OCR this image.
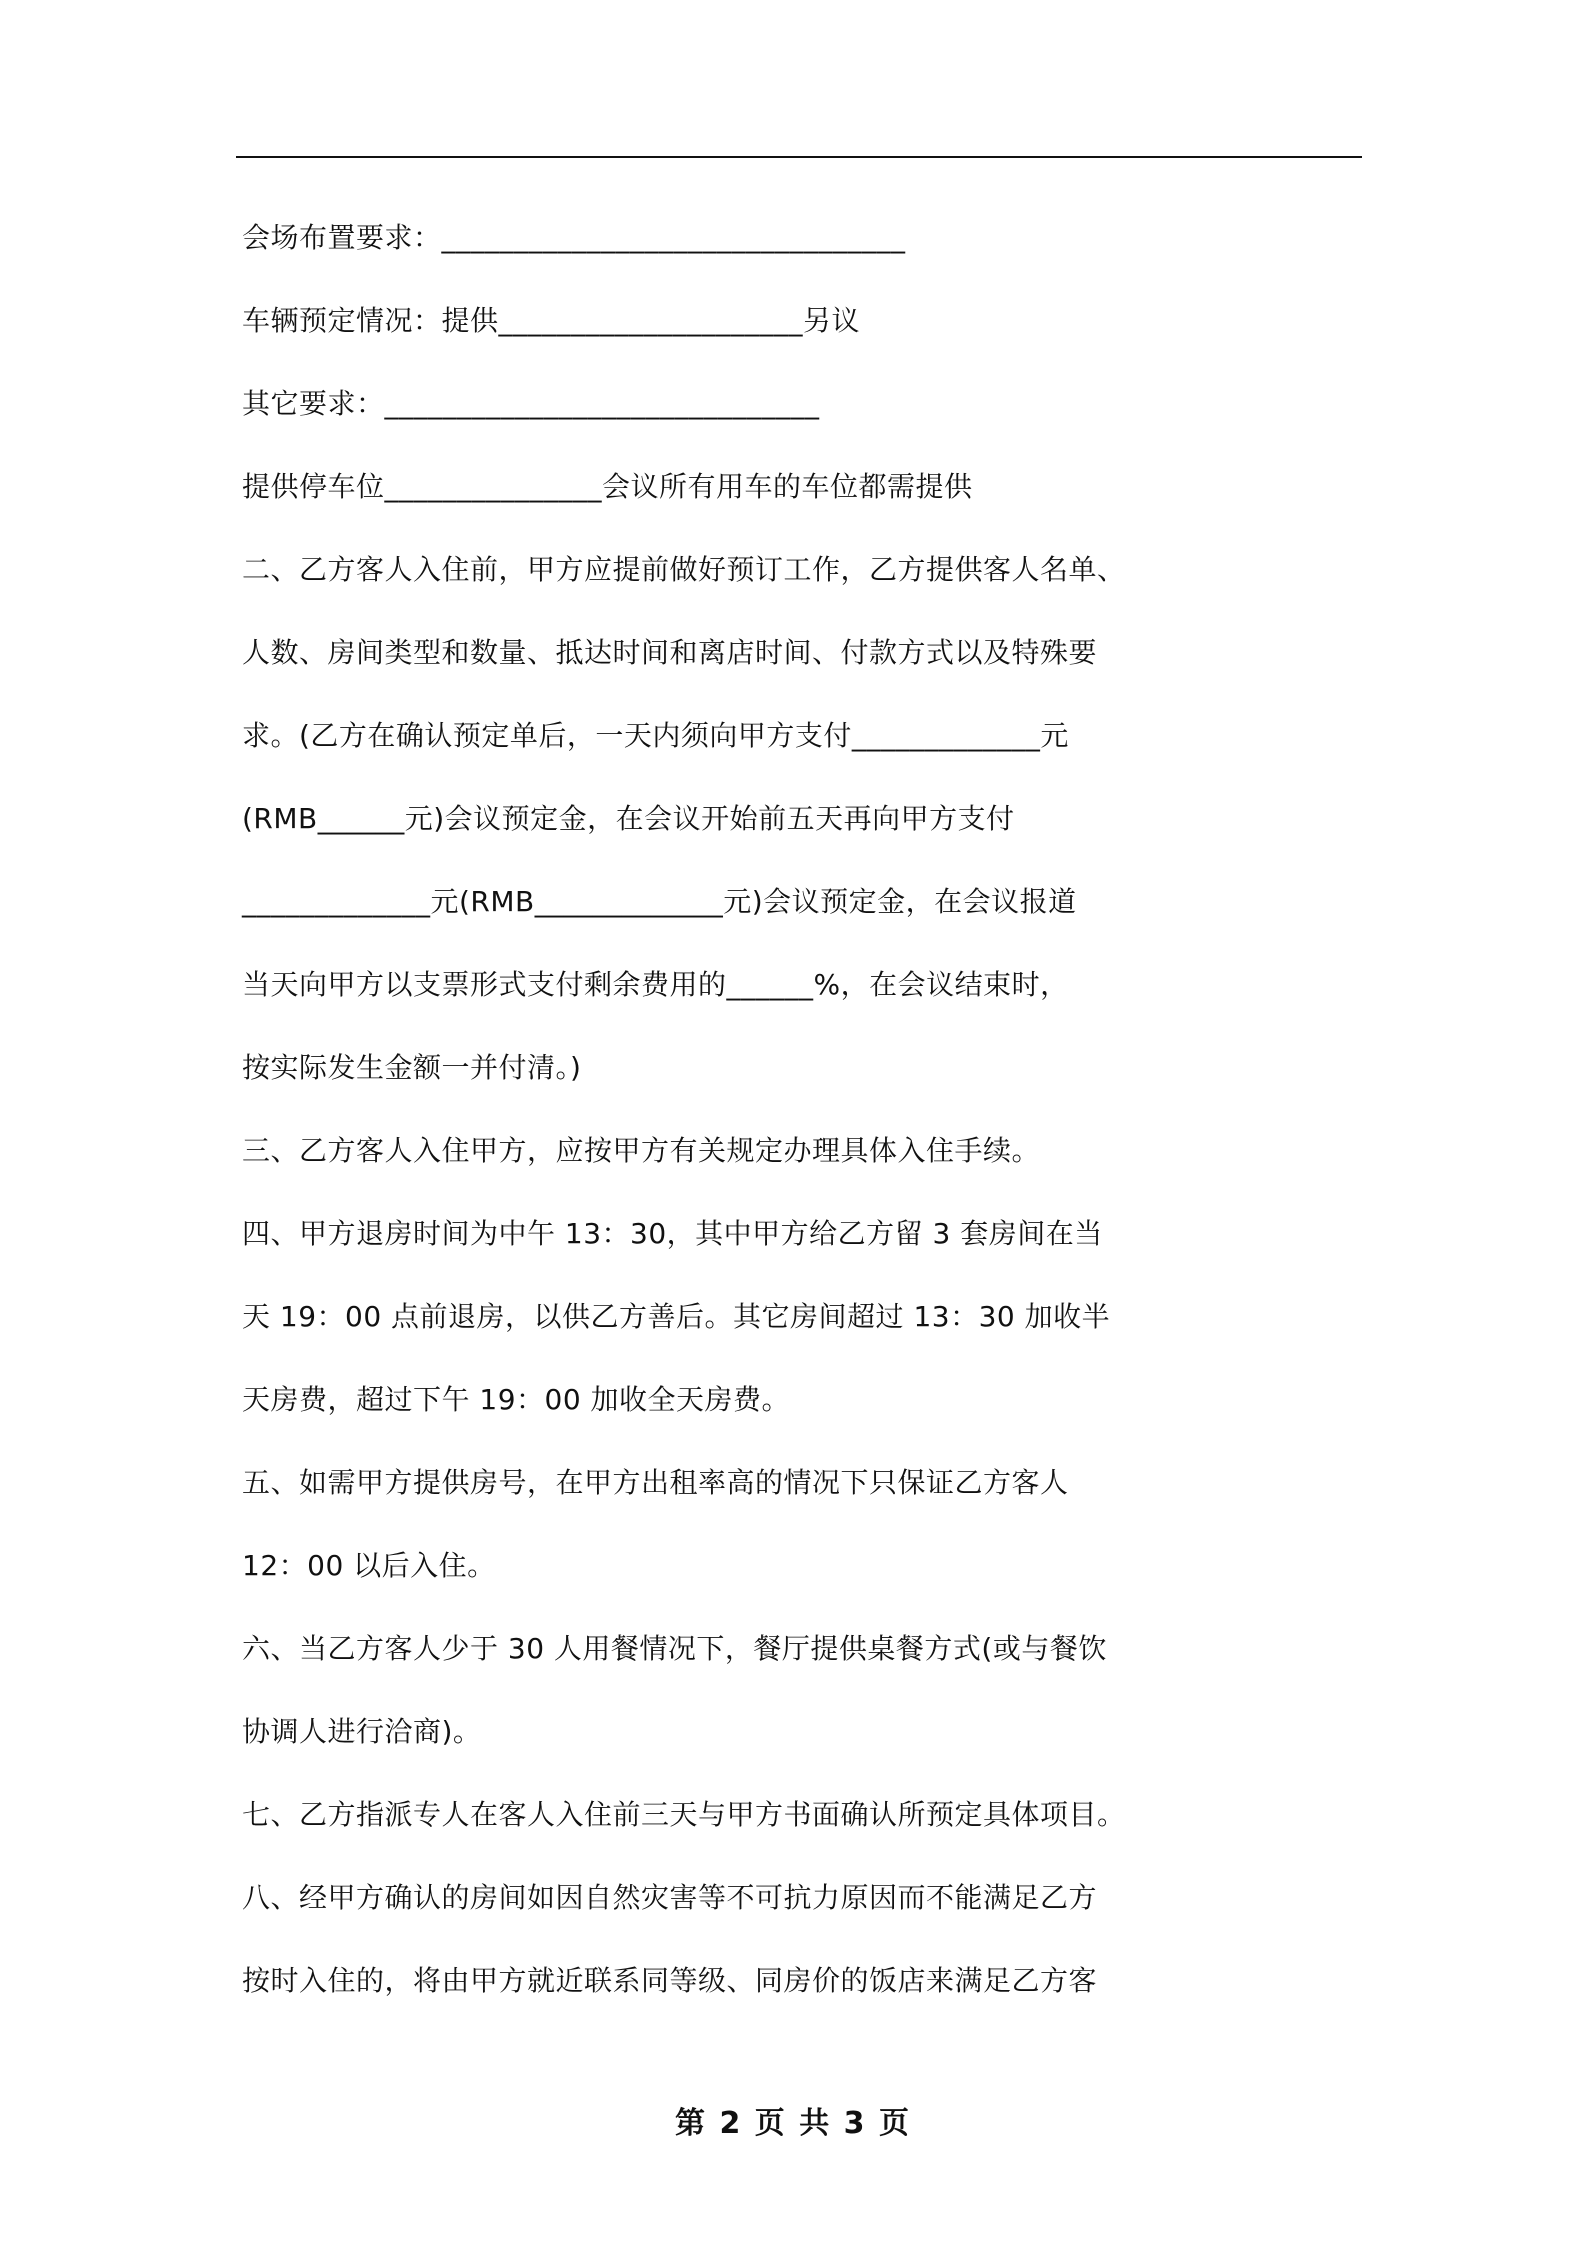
会场布置要求：________________________________
车辆预定情况：提供_____________________另议
其它要求：______________________________
提供停车位_______________会议所有用车的车位都需提供
二、乙方客人入住前，甲方应提前做好预订工作，乙方提供客人名单、
人数、房间类型和数量、抵达时间和离店时间、付款方式以及特殊要
求。(乙方在确认预定单后，一天内须向甲方支付_____________元
(RMB______元)会议预定金，在会议开始前五天再向甲方支付
_____________元(RMB_____________元)会议预定金，在会议报道
当天向甲方以支票形式支付剩余费用的______%，在会议结束时，
按实际发生金额一并付清。)
三、乙方客人入住甲方，应按甲方有关规定办理具体入住手续。
四、甲方退房时间为中午 13：30，其中甲方给乙方留 3 套房间在当
天 19：00 点前退房，以供乙方善后。其它房间超过 13：30 加收半
天房费，超过下午 19：00 加收全天房费。
五、如需甲方提供房号，在甲方出租率高的情况下只保证乙方客人
12：00 以后入住。
六、当乙方客人少于 30 人用餐情况下，餐厅提供桌餐方式(或与餐饮
协调人进行洽商)。
七、乙方指派专人在客人入住前三天与甲方书面确认所预定具体项目。
八、经甲方确认的房间如因自然灾害等不可抗力原因而不能满足乙方
按时入住的，将由甲方就近联系同等级、同房价的饭店来满足乙方客
第 2 页 共 3 页
